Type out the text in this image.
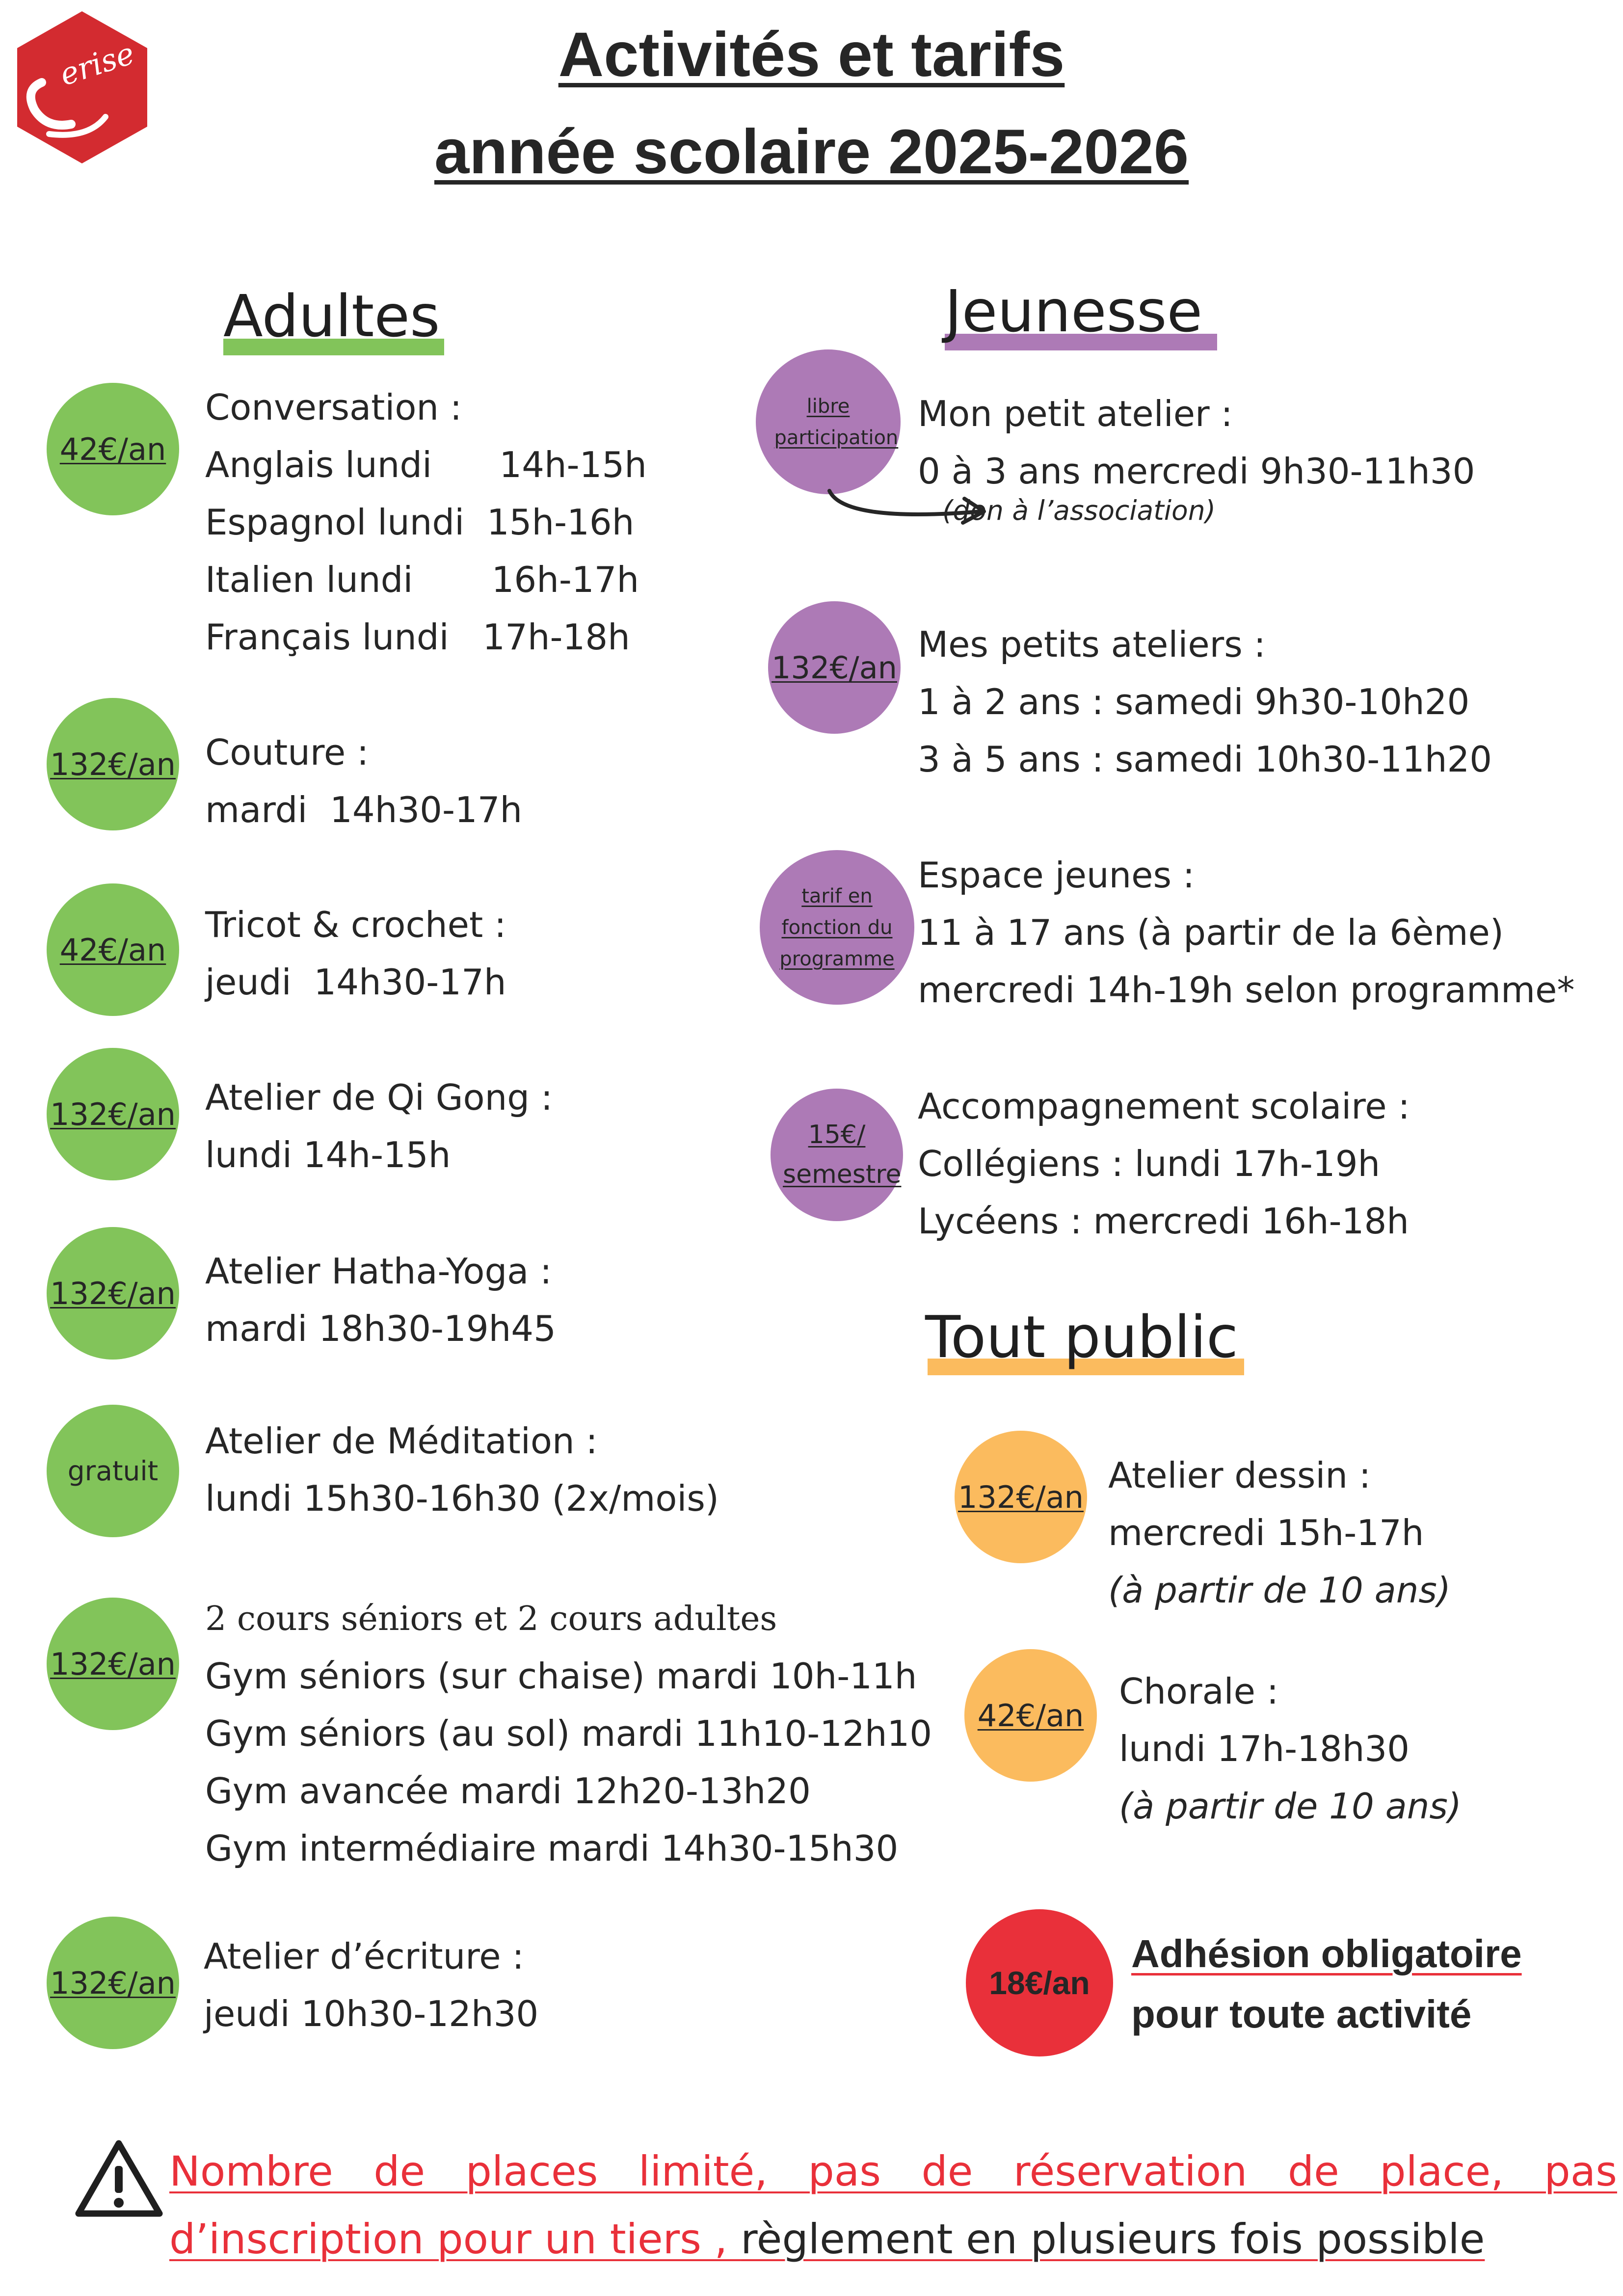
erise	Activités et tarifs
année scolaire 2025-2026
Adultes
42€/an
Conversation :
Anglais lundi      14h-15h
Espagnol lundi  15h-16h
Italien lundi       16h-17h
Français lundi   17h-18h
132€/an Couture :
mardi  14h30-17h
42€/an
Tricot & crochet :
jeudi  14h30-17h
132€/an Atelier de Qi Gong :
lundi 14h-15h
132€/an
Atelier Hatha-Yoga :
mardi 18h30-19h45
gratuit
Atelier de Méditation :
lundi 15h30-16h30 (2x/mois)
132€/an
2 cours séniors et 2 cours adultes
Gym séniors (sur chaise) mardi 10h-11h
Gym séniors (au sol) mardi 11h10-12h10
Gym avancée mardi 12h20-13h20
Gym intermédiaire mardi 14h30-15h30
132€/an
Atelier d’écriture :
jeudi 10h30-12h30
Jeunesse
libre participation
Mon petit atelier :
0 à 3 ans mercredi 9h30-11h30
(don à l’association)
132€/an
Mes petits ateliers :
1 à 2 ans : samedi 9h30-10h20
3 à 5 ans : samedi 10h30-11h20
tarif en fonction du programme
Espace jeunes :
11 à 17 ans (à partir de la 6ème)
mercredi 14h-19h selon programme*
15€/ semestre
Accompagnement scolaire :
Collégiens : lundi 17h-19h
Lycéens : mercredi 16h-18h
Tout public
132€/an
Atelier dessin :
mercredi 15h-17h
(à partir de 10 ans)
42€/an
Chorale :
lundi 17h-18h30
(à partir de 10 ans)
18€/an
Adhésion obligatoire
pour toute activité
Nombre de places limité, pas de réservation de place, pas
d’inscription pour un tiers , règlement en plusieurs fois possible
